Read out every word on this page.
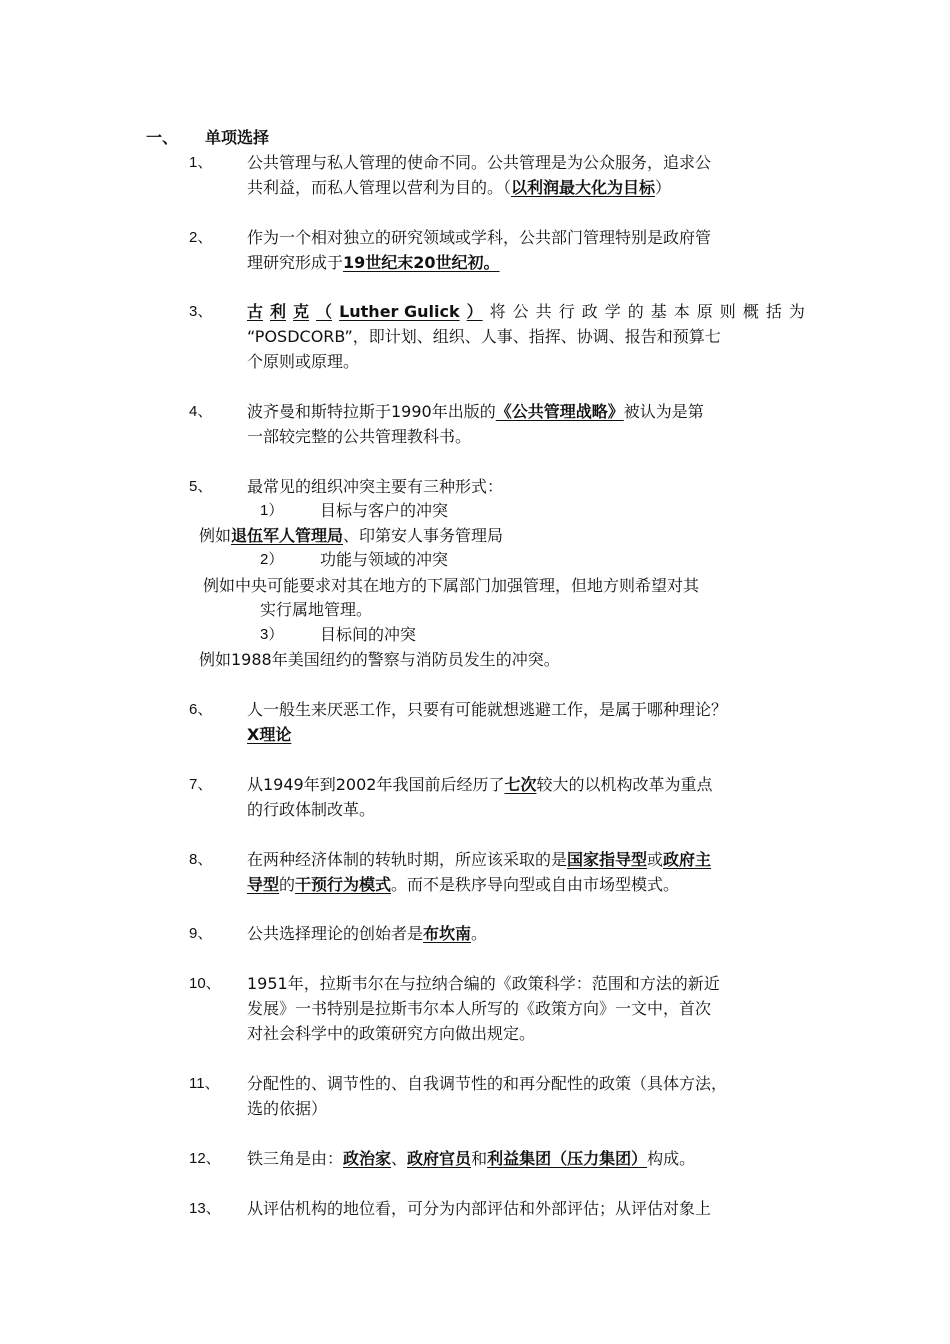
一、 单项选择
1、 公共管理与私人管理的使命不同。公共管理是为公众服务，追求公
共利益，而私人管理以营利为目的。（以利润最大化为目标）
2、 作为一个相对独立的研究领域或学科，公共部门管理特别是政府管
理研究形成于19世纪末20世纪初。
3、 古 利 克 （ Luther Gulick ） 将 公 共 行 政 学 的 基 本 原 则 概 括 为
“POSDCORB”，即计划、组织、人事、指挥、协调、报告和预算七
个原则或原理。
4、 波齐曼和斯特拉斯于1990年出版的《公共管理战略》被认为是第
一部较完整的公共管理教科书。
5、 最常见的组织冲突主要有三种形式：
1） 目标与客户的冲突
例如退伍军人管理局、印第安人事务管理局
2） 功能与领域的冲突
例如中央可能要求对其在地方的下属部门加强管理，但地方则希望对其
实行属地管理。
3） 目标间的冲突
例如1988年美国纽约的警察与消防员发生的冲突。
6、 人一般生来厌恶工作，只要有可能就想逃避工作，是属于哪种理论？
X理论
7、 从1949年到2002年我国前后经历了七次较大的以机构改革为重点
的行政体制改革。
8、 在两种经济体制的转轨时期，所应该采取的是国家指导型或政府主
导型的干预行为模式。而不是秩序导向型或自由市场型模式。
9、 公共选择理论的创始者是布坎南。
10、 1951年，拉斯韦尔在与拉纳合编的《政策科学：范围和方法的新近
发展》一书特别是拉斯韦尔本人所写的《政策方向》一文中，首次
对社会科学中的政策研究方向做出规定。
11、 分配性的、调节性的、自我调节性的和再分配性的政策（具体方法，
选的依据）
12、 铁三角是由：政治家、政府官员和利益集团（压力集团）构成。
13、 从评估机构的地位看，可分为内部评估和外部评估；从评估对象上
